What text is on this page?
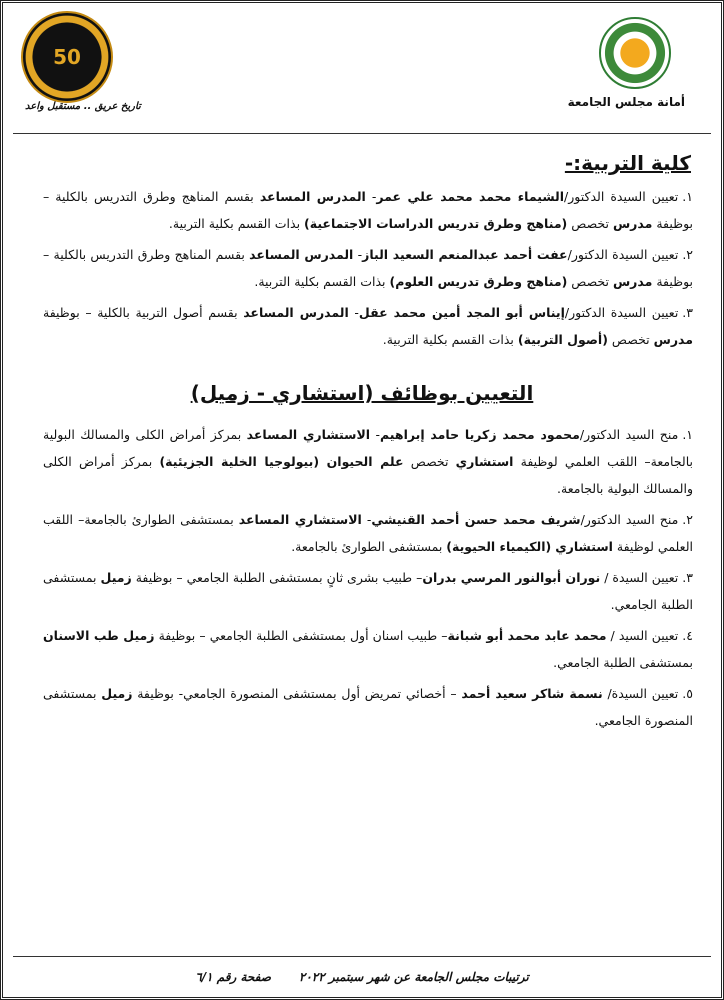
أمانة مجلس الجامعة
50
تاريخ عريق .. مستقبل واعد
كلية التربية:-

١.تعيين السيدة الدكتور/الشيماء محمد محمد علي عمر- المدرس المساعد بقسم المناهج وطرق التدريس بالكلية – بوظيفة مدرس تخصص (مناهج وطرق تدريس الدراسات الاجتماعية) بذات القسم بكلية التربية.

٢.تعيين السيدة الدكتور/عفت أحمد عبدالمنعم السعيد الباز- المدرس المساعد بقسم المناهج وطرق التدريس بالكلية – بوظيفة مدرس تخصص (مناهج وطرق تدريس العلوم) بذات القسم بكلية التربية.

٣.تعيين السيدة الدكتور/إيناس أبو المجد أمين محمد عقل- المدرس المساعد بقسم أصول التربية بالكلية – بوظيفة مدرس تخصص (أصول التربية) بذات القسم بكلية التربية.

التعيين بوظائف (استشاري - زميل)

١.منح السيد الدكتور/محمود محمد زكريا حامد إبراهيم- الاستشاري المساعد بمركز أمراض الكلى والمسالك البولية بالجامعة– اللقب العلمي لوظيفة استشاري تخصص علم الحيوان (بيولوجيا الخلية الجزيئية) بمركز أمراض الكلى والمسالك البولية بالجامعة.

٢.منح السيد الدكتور/شريف محمد حسن أحمد القنيشي- الاستشاري المساعد بمستشفى الطوارئ بالجامعة– اللقب العلمي لوظيفة استشاري (الكيمياء الحيوية) بمستشفى الطوارئ بالجامعة.

٣.تعيين السيدة / نوران أبوالنور المرسي بدران– طبيب بشرى ثانٍ بمستشفى الطلبة الجامعي – بوظيفة زميل بمستشفى الطلبة الجامعي.

٤.تعيين السيد / محمد عابد محمد أبو شبانة– طبيب اسنان أول بمستشفى الطلبة الجامعي – بوظيفة زميل طب الاسنان بمستشفى الطلبة الجامعي.

٥.تعيين السيدة/ نسمة شاكر سعيد أحمد – أخصائي تمريض أول بمستشفى المنصورة الجامعي- بوظيفة زميل بمستشفى المنصورة الجامعي.

ترتيبات مجلس الجامعة عن شهر سبتمبر ٢٠٢٢
صفحة رقم ٦/١
